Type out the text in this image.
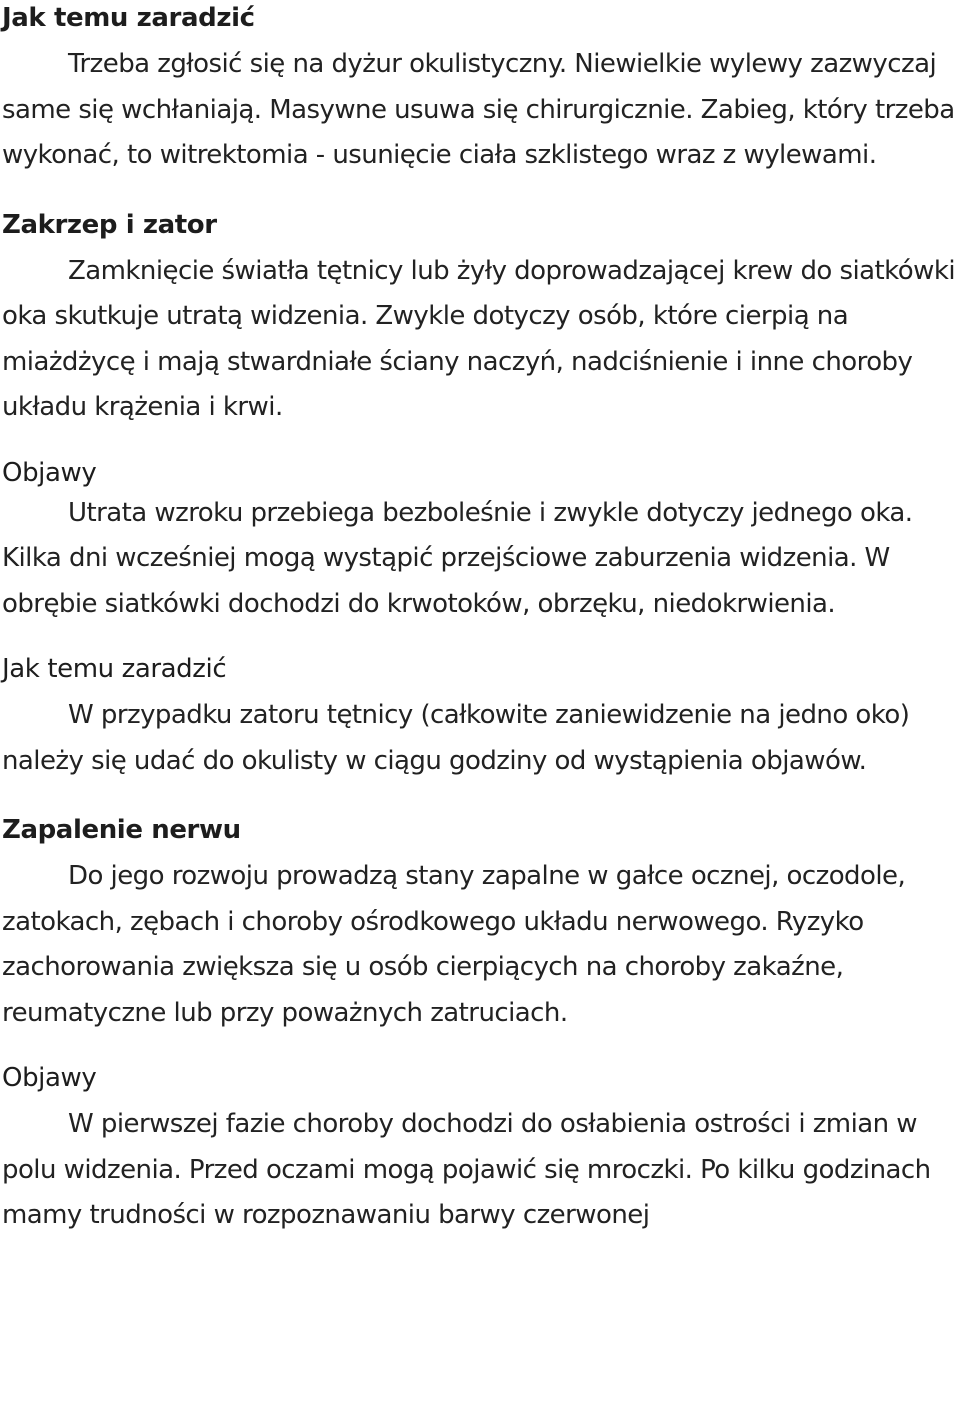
Jak temu zaradzić

Trzeba zgłosić się na dyżur okulistyczny. Niewielkie wylewy zazwyczaj same się wchłaniają. Masywne usuwa się chirurgicznie. Zabieg, który trzeba wykonać, to witrektomia - usunięcie ciała szklistego wraz z wylewami.

Zakrzep i zator

Zamknięcie światła tętnicy lub żyły doprowadzającej krew do siatkówki oka skutkuje utratą widzenia. Zwykle dotyczy osób, które cierpią na miażdżycę i mają stwardniałe ściany naczyń, nadciśnienie i inne choroby układu krążenia i krwi.

Objawy

Utrata wzroku przebiega bezboleśnie i zwykle dotyczy jednego oka. Kilka dni wcześniej mogą wystąpić przejściowe zaburzenia widzenia. W obrębie siatkówki dochodzi do krwotoków, obrzęku, niedokrwienia.

Jak temu zaradzić

W przypadku zatoru tętnicy (całkowite zaniewidzenie na jedno oko) należy się udać do okulisty w ciągu godziny od wystąpienia objawów.

Zapalenie nerwu

Do jego rozwoju prowadzą stany zapalne w gałce ocznej, oczodole, zatokach, zębach i choroby ośrodkowego układu nerwowego. Ryzyko zachorowania zwiększa się u osób cierpiących na choroby zakaźne, reumatyczne lub przy poważnych zatruciach.

Objawy

W pierwszej fazie choroby dochodzi do osłabienia ostrości i zmian w polu widzenia. Przed oczami mogą pojawić się mroczki. Po kilku godzinach mamy trudności w rozpoznawaniu barwy czerwonej
